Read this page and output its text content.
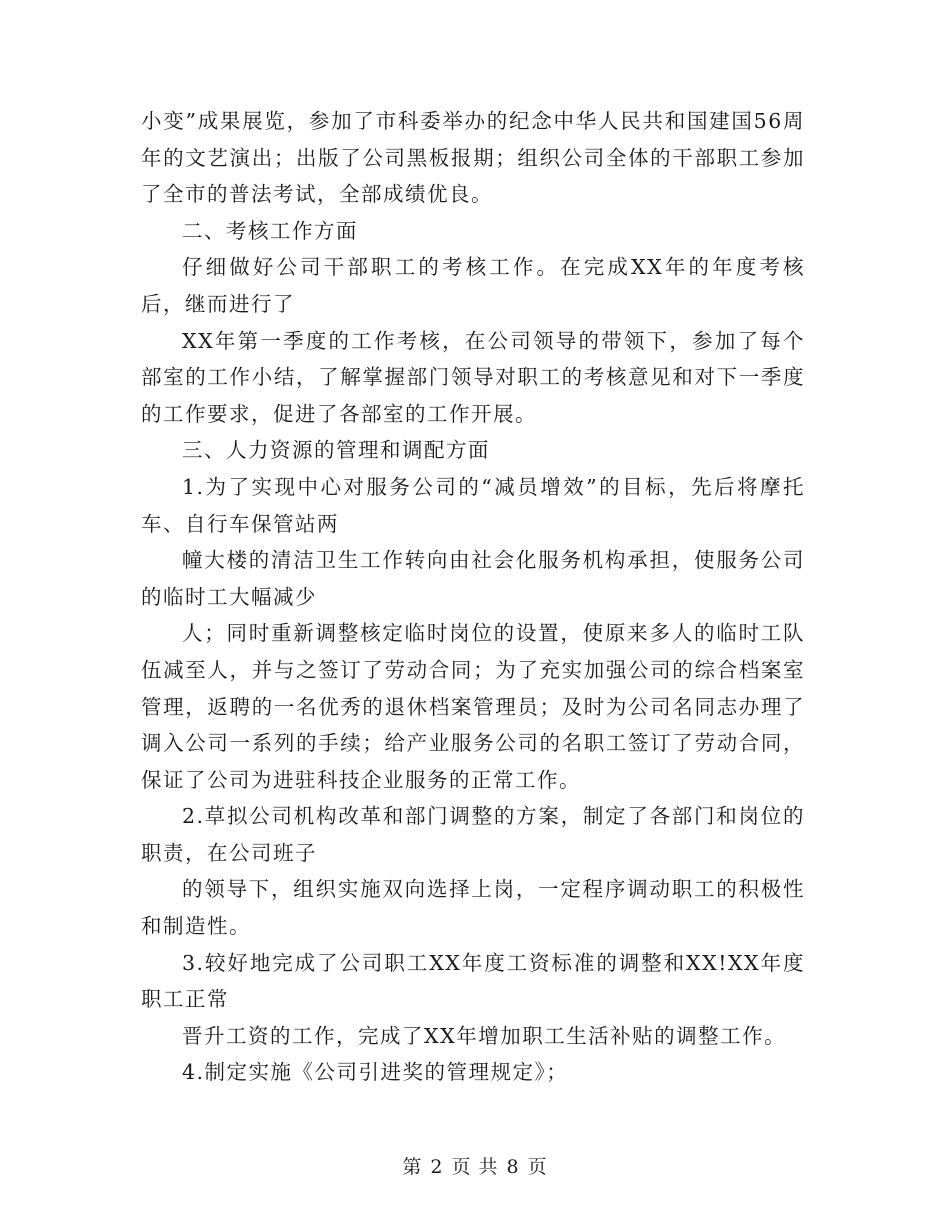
小变”成果展览，参加了市科委举办的纪念中华人民共和国建国56周年的文艺演出；出版了公司黑板报期；组织公司全体的干部职工参加了全市的普法考试，全部成绩优良。

二、考核工作方面

仔细做好公司干部职工的考核工作。在完成XX年的年度考核后，继而进行了

XX年第一季度的工作考核，在公司领导的带领下，参加了每个部室的工作小结，了解掌握部门领导对职工的考核意见和对下一季度的工作要求，促进了各部室的工作开展。

三、人力资源的管理和调配方面

1.为了实现中心对服务公司的“减员增效”的目标，先后将摩托车、自行车保管站两

幢大楼的清洁卫生工作转向由社会化服务机构承担，使服务公司的临时工大幅减少

人；同时重新调整核定临时岗位的设置，使原来多人的临时工队伍减至人，并与之签订了劳动合同；为了充实加强公司的综合档案室管理，返聘的一名优秀的退休档案管理员；及时为公司名同志办理了调入公司一系列的手续；给产业服务公司的名职工签订了劳动合同，保证了公司为进驻科技企业服务的正常工作。

2.草拟公司机构改革和部门调整的方案，制定了各部门和岗位的职责，在公司班子

的领导下，组织实施双向选择上岗，一定程序调动职工的积极性和制造性。

3.较好地完成了公司职工XX年度工资标准的调整和XX!XX年度职工正常

晋升工资的工作，完成了XX年增加职工生活补贴的调整工作。

4.制定实施《公司引进奖的管理规定》；

第 2 页 共 8 页
